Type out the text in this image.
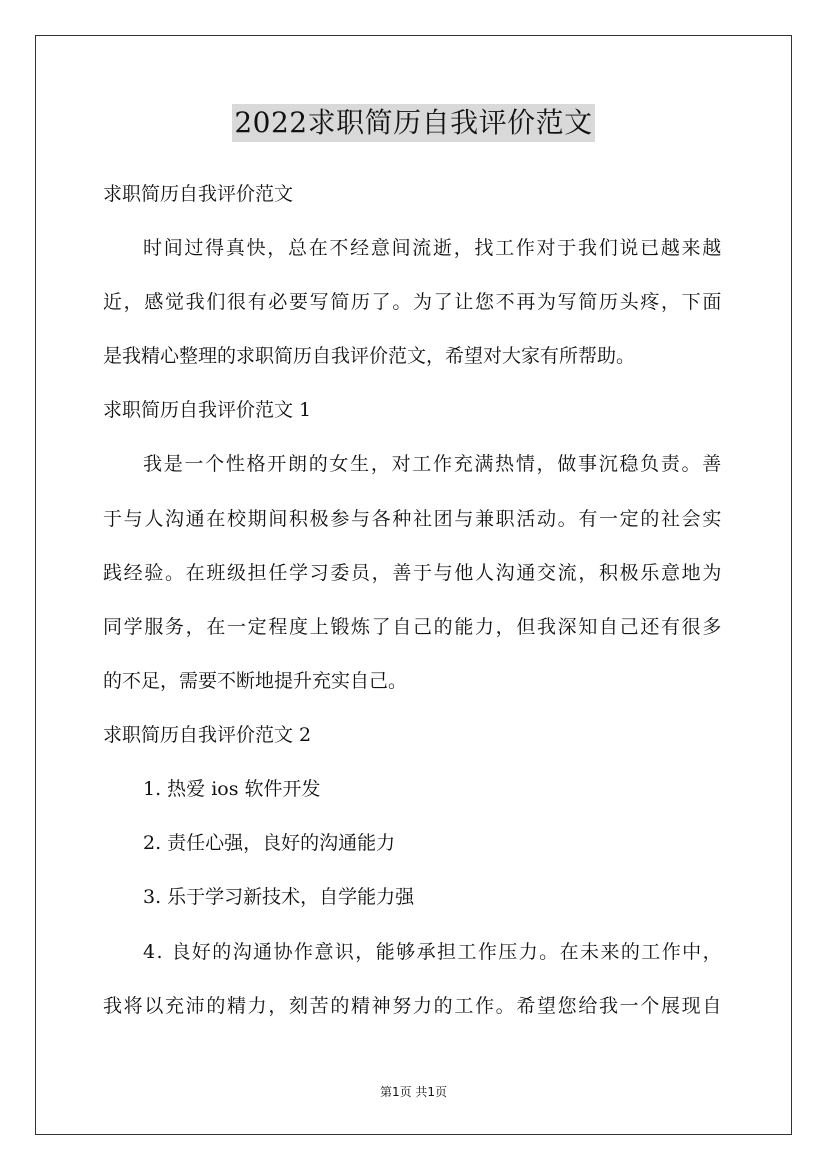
2022求职简历自我评价范文
求职简历自我评价范文
时间过得真快，总在不经意间流逝，找工作对于我们说已越来越
近，感觉我们很有必要写简历了。为了让您不再为写简历头疼，下面
是我精心整理的求职简历自我评价范文，希望对大家有所帮助。
求职简历自我评价范文 1
我是一个性格开朗的女生，对工作充满热情，做事沉稳负责。善
于与人沟通在校期间积极参与各种社团与兼职活动。有一定的社会实
践经验。在班级担任学习委员，善于与他人沟通交流，积极乐意地为
同学服务，在一定程度上锻炼了自己的能力，但我深知自己还有很多
的不足，需要不断地提升充实自己。
求职简历自我评价范文 2
1. 热爱 ios 软件开发
2. 责任心强，良好的沟通能力
3. 乐于学习新技术，自学能力强
4. 良好的沟通协作意识，能够承担工作压力。在未来的工作中，
我将以充沛的精力，刻苦的精神努力的工作。希望您给我一个展现自
第1页 共1页
